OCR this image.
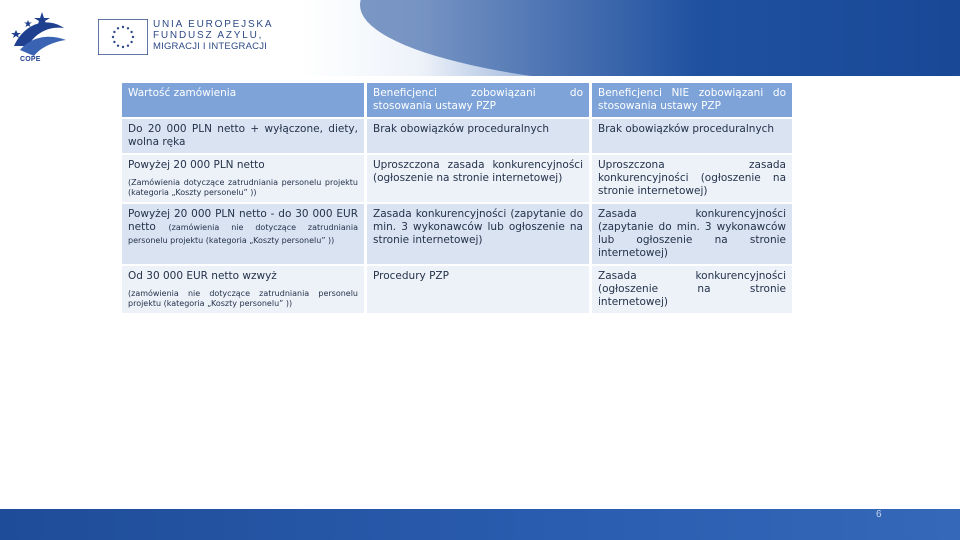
COPE
UNIA EUROPEJSKA
FUNDUSZ AZYLU,
MIGRACJI I INTEGRACJI
Wartość zamówienia	Beneficjenci zobowiązani do stosowania ustawy PZP	Beneficjenci NIE zobowiązani do stosowania ustawy PZP

Do 20 000 PLN netto + wyłączone, diety, wolna ręka	Brak obowiązków proceduralnych	Brak obowiązków proceduralnych

Powyżej 20 000 PLN netto
(Zamówienia dotyczące zatrudniania personelu projektu (kategoria „Koszty personelu” ))	Uproszczona zasada konkurencyjności (ogłoszenie na stronie internetowej)	Uproszczona zasada konkurencyjności (ogłoszenie na stronie internetowej)
Powyżej 20 000 PLN netto - do 30 000 EUR netto (zamówienia nie dotyczące zatrudniania personelu projektu (kategoria „Koszty personelu” ))	Zasada konkurencyjności (zapytanie do min. 3 wykonawców lub ogłoszenie na stronie internetowej)	Zasada konkurencyjności (zapytanie do min. 3 wykonawców lub ogłoszenie na stronie internetowej)

Od 30 000 EUR netto wzwyż
(zamówienia nie dotyczące zatrudniania personelu projektu (kategoria „Koszty personelu” ))	Procedury PZP	Zasada konkurencyjności (ogłoszenie na stronie internetowej)
6
